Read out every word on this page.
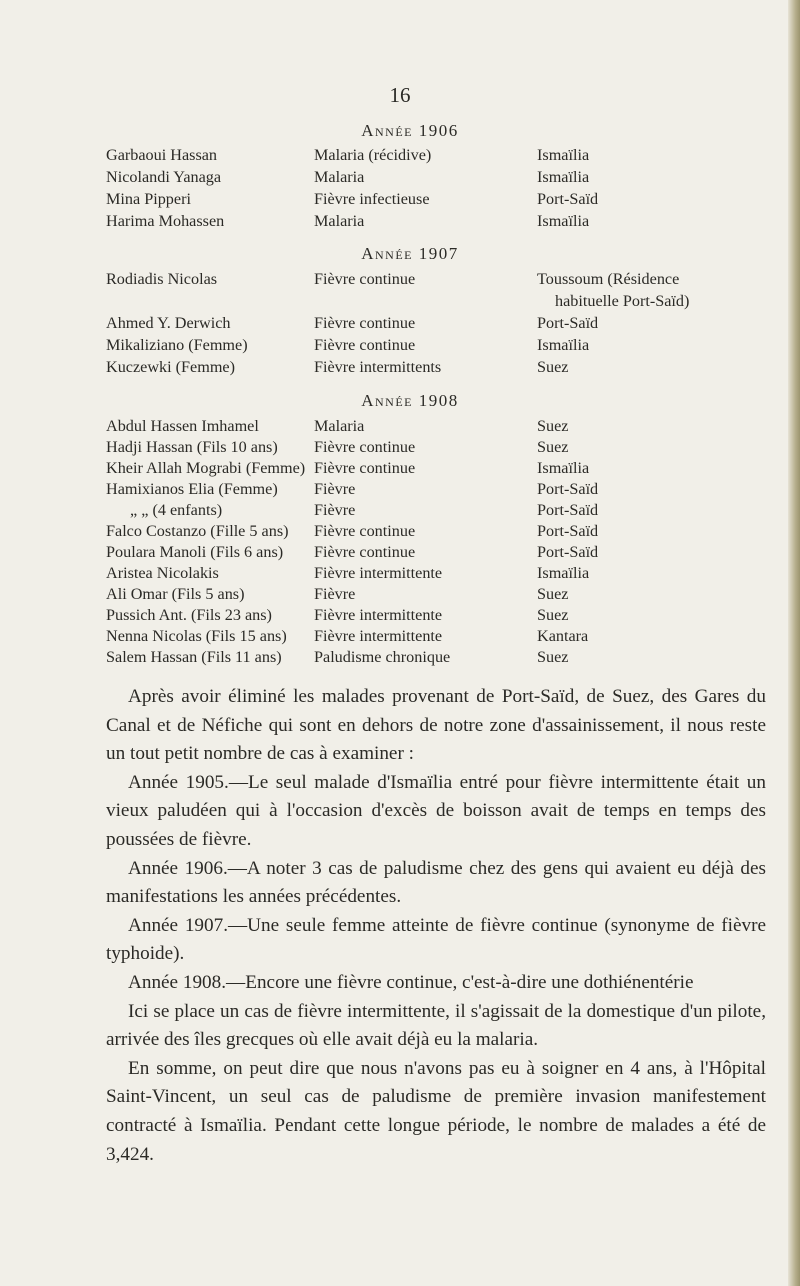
16
Année 1906
Garbaoui Hassan	Malaria (récidive)	Ismaïlia
Nicolandi Yanaga	Malaria	Ismaïlia
Mina Pipperi	Fièvre infectieuse	Port-Saïd
Harima Mohassen	Malaria	Ismaïlia
Année 1907
Rodiadis Nicolas	Fièvre continue	Toussoum (Résidence
habituelle Port-Saïd)
Ahmed Y. Derwich	Fièvre continue	Port-Saïd
Mikaliziano (Femme)	Fièvre continue	Ismaïlia
Kuczewki (Femme)	Fièvre intermittents	Suez
Année 1908
Abdul Hassen Imhamel	Malaria	Suez
Hadji Hassan (Fils 10 ans) Fièvre continue	Suez
Kheir Allah Mograbi (Femme) Fièvre continue	Ismaïlia
Hamixianos Elia (Femme) Fièvre	Port-Saïd
„ „ (4 enfants)	Fièvre	Port-Saïd
Falco Costanzo (Fille 5 ans) Fièvre continue	Port-Saïd
Poulara Manoli (Fils 6 ans) Fièvre continue	Port-Saïd
Aristea Nicolakis	Fièvre intermittente	Ismaïlia
Ali Omar (Fils 5 ans)	Fièvre	Suez
Pussich Ant. (Fils 23 ans)	Fièvre intermittente	Suez
Nenna Nicolas (Fils 15 ans) Fièvre intermittente	Kantara
Salem Hassan (Fils 11 ans) Paludisme chronique	Suez

Après avoir éliminé les malades provenant de Port-Saïd, de Suez, des Gares du Canal et de Néfiche qui sont en dehors de notre zone d'assainissement, il nous reste un tout petit nombre de cas à examiner :

Année 1905.—Le seul malade d'Ismaïlia entré pour fièvre intermittente était un vieux paludéen qui à l'occasion d'excès de boisson avait de temps en temps des poussées de fièvre.

Année 1906.—A noter 3 cas de paludisme chez des gens qui avaient eu déjà des manifestations les années précédentes.

Année 1907.—Une seule femme atteinte de fièvre continue (synonyme de fièvre typhoide).

Année 1908.—Encore une fièvre continue, c'est-à-dire une dothiénentérie

Ici se place un cas de fièvre intermittente, il s'agissait de la domestique d'un pilote, arrivée des îles grecques où elle avait déjà eu la malaria.

En somme, on peut dire que nous n'avons pas eu à soigner en 4 ans, à l'Hôpital Saint-Vincent, un seul cas de paludisme de première invasion manifestement contracté à Ismaïlia. Pendant cette longue période, le nombre de malades a été de 3,424.
